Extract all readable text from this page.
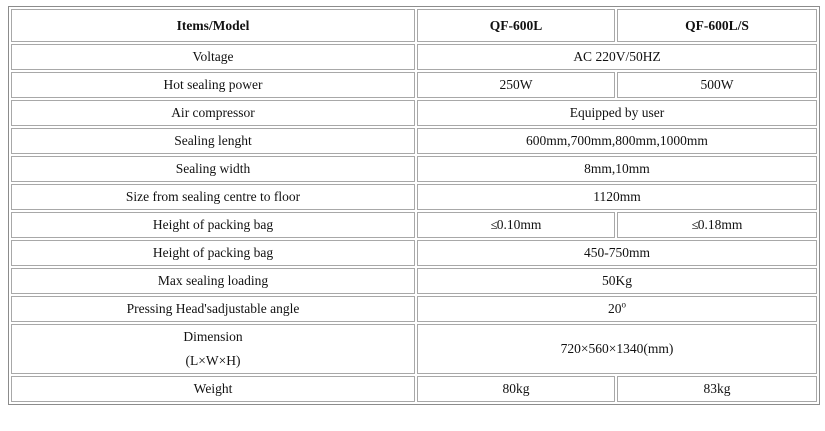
Items/Model	QF-600L	QF-600L/S
Voltage	AC 220V/50HZ	
Hot sealing power	250W	500W
Air compressor	Equipped by user	
Sealing lenght	600mm,700mm,800mm,1000mm	
Sealing width	8mm,10mm	
Size from sealing centre to floor	1120mm	
Height of packing bag	≤0.10mm	≤0.18mm
Height of packing bag	450-750mm	
Max sealing loading	50Kg	
Pressing Head'sadjustable angle	20$^o$

Dimension
(L×W×H)	720×560×1340(mm)	
Weight	80kg	83kg
